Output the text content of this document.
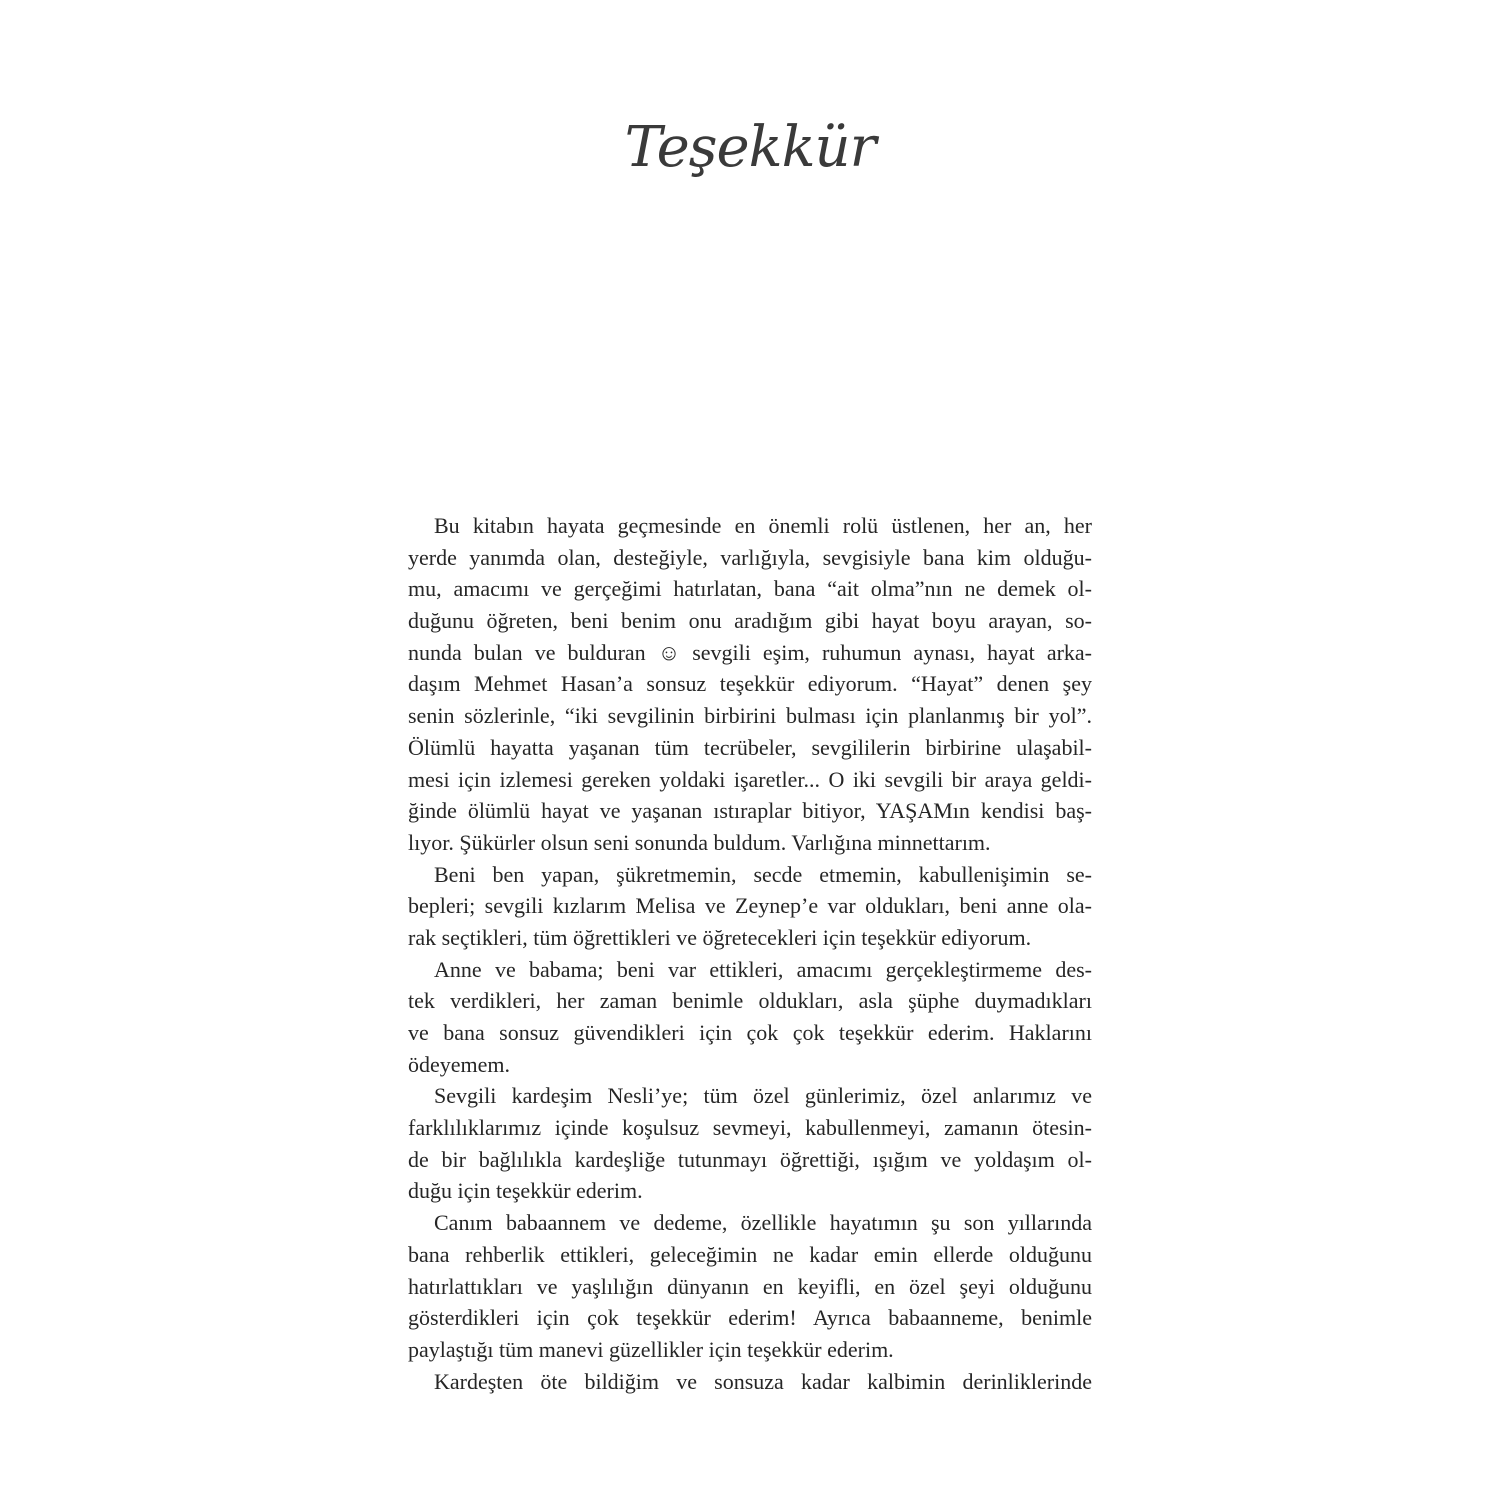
Teşekkür
Bu kitabın hayata geçmesinde en önemli rolü üstlenen, her an, her
yerde yanımda olan, desteğiyle, varlığıyla, sevgisiyle bana kim olduğu-
mu, amacımı ve gerçeğimi hatırlatan, bana “ait olma”nın ne demek ol-
duğunu öğreten, beni benim onu aradığım gibi hayat boyu arayan, so-
nunda bulan ve bulduran ☺ sevgili eşim, ruhumun aynası, hayat arka-
daşım Mehmet Hasan’a sonsuz teşekkür ediyorum. “Hayat” denen şey
senin sözlerinle, “iki sevgilinin birbirini bulması için planlanmış bir yol”.
Ölümlü hayatta yaşanan tüm tecrübeler, sevgililerin birbirine ulaşabil-
mesi için izlemesi gereken yoldaki işaretler... O iki sevgili bir araya geldi-
ğinde ölümlü hayat ve yaşanan ıstıraplar bitiyor, YAŞAMın kendisi baş-
lıyor. Şükürler olsun seni sonunda buldum. Varlığına minnettarım.
Beni ben yapan, şükretmemin, secde etmemin, kabullenişimin se-
bepleri; sevgili kızlarım Melisa ve Zeynep’e var oldukları, beni anne ola-
rak seçtikleri, tüm öğrettikleri ve öğretecekleri için teşekkür ediyorum.
Anne ve babama; beni var ettikleri, amacımı gerçekleştirmeme des-
tek verdikleri, her zaman benimle oldukları, asla şüphe duymadıkları
ve bana sonsuz güvendikleri için çok çok teşekkür ederim. Haklarını
ödeyemem.
Sevgili kardeşim Nesli’ye; tüm özel günlerimiz, özel anlarımız ve
farklılıklarımız içinde koşulsuz sevmeyi, kabullenmeyi, zamanın ötesin-
de bir bağlılıkla kardeşliğe tutunmayı öğrettiği, ışığım ve yoldaşım ol-
duğu için teşekkür ederim.
Canım babaannem ve dedeme, özellikle hayatımın şu son yıllarında
bana rehberlik ettikleri, geleceğimin ne kadar emin ellerde olduğunu
hatırlattıkları ve yaşlılığın dünyanın en keyifli, en özel şeyi olduğunu
gösterdikleri için çok teşekkür ederim! Ayrıca babaanneme, benimle
paylaştığı tüm manevi güzellikler için teşekkür ederim.
Kardeşten öte bildiğim ve sonsuza kadar kalbimin derinliklerinde
